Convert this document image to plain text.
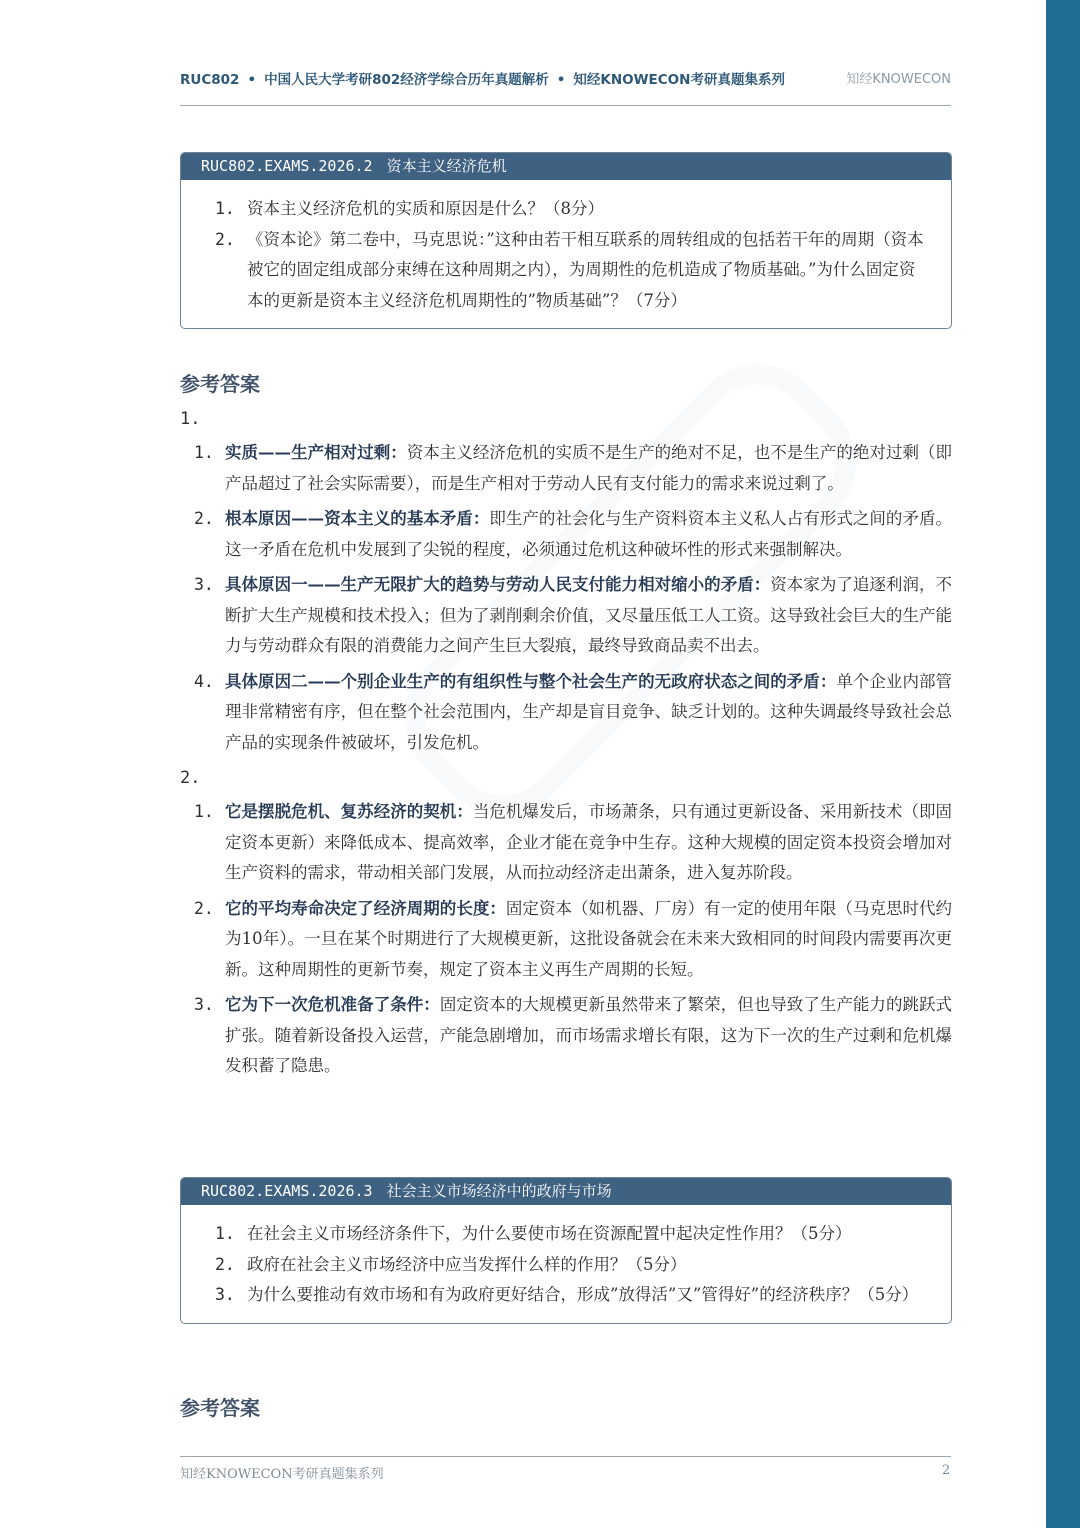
RUC802 • 中国人民大学考研802经济学综合历年真题解析 • 知经KNOWECON考研真题集系列	知经KNOWECON
RUC802.EXAMS.2026.2 资本主义经济危机
1. 资本主义经济危机的实质和原因是什么？（8分）
2. 《资本论》第二卷中，马克思说：”这种由若干相互联系的周转组成的包括若干年的周期（资本被它的固定组成部分束缚在这种周期之内），为周期性的危机造成了物质基础。”为什么固定资本的更新是资本主义经济危机周期性的”物质基础”？（7分）
参考答案
1.
1. 实质——生产相对过剩：资本主义经济危机的实质不是生产的绝对不足，也不是生产的绝对过剩（即产品超过了社会实际需要），而是生产相对于劳动人民有支付能力的需求来说过剩了。
2. 根本原因——资本主义的基本矛盾：即生产的社会化与生产资料资本主义私人占有形式之间的矛盾。这一矛盾在危机中发展到了尖锐的程度，必须通过危机这种破坏性的形式来强制解决。
3. 具体原因一——生产无限扩大的趋势与劳动人民支付能力相对缩小的矛盾：资本家为了追逐利润，不断扩大生产规模和技术投入；但为了剥削剩余价值，又尽量压低工人工资。这导致社会巨大的生产能力与劳动群众有限的消费能力之间产生巨大裂痕，最终导致商品卖不出去。
4. 具体原因二——个别企业生产的有组织性与整个社会生产的无政府状态之间的矛盾：单个企业内部管理非常精密有序，但在整个社会范围内，生产却是盲目竞争、缺乏计划的。这种失调最终导致社会总产品的实现条件被破坏，引发危机。
2.
1. 它是摆脱危机、复苏经济的契机：当危机爆发后，市场萧条，只有通过更新设备、采用新技术（即固定资本更新）来降低成本、提高效率，企业才能在竞争中生存。这种大规模的固定资本投资会增加对生产资料的需求，带动相关部门发展，从而拉动经济走出萧条，进入复苏阶段。
2. 它的平均寿命决定了经济周期的长度：固定资本（如机器、厂房）有一定的使用年限（马克思时代约为10年）。一旦在某个时期进行了大规模更新，这批设备就会在未来大致相同的时间段内需要再次更新。这种周期性的更新节奏，规定了资本主义再生产周期的长短。
3. 它为下一次危机准备了条件：固定资本的大规模更新虽然带来了繁荣，但也导致了生产能力的跳跃式扩张。随着新设备投入运营，产能急剧增加，而市场需求增长有限，这为下一次的生产过剩和危机爆发积蓄了隐患。
RUC802.EXAMS.2026.3 社会主义市场经济中的政府与市场
1. 在社会主义市场经济条件下，为什么要使市场在资源配置中起决定性作用？（5分）
2. 政府在社会主义市场经济中应当发挥什么样的作用？（5分）
3. 为什么要推动有效市场和有为政府更好结合，形成”放得活”又”管得好”的经济秩序？（5分）
参考答案
知经KNOWECON考研真题集系列	2
